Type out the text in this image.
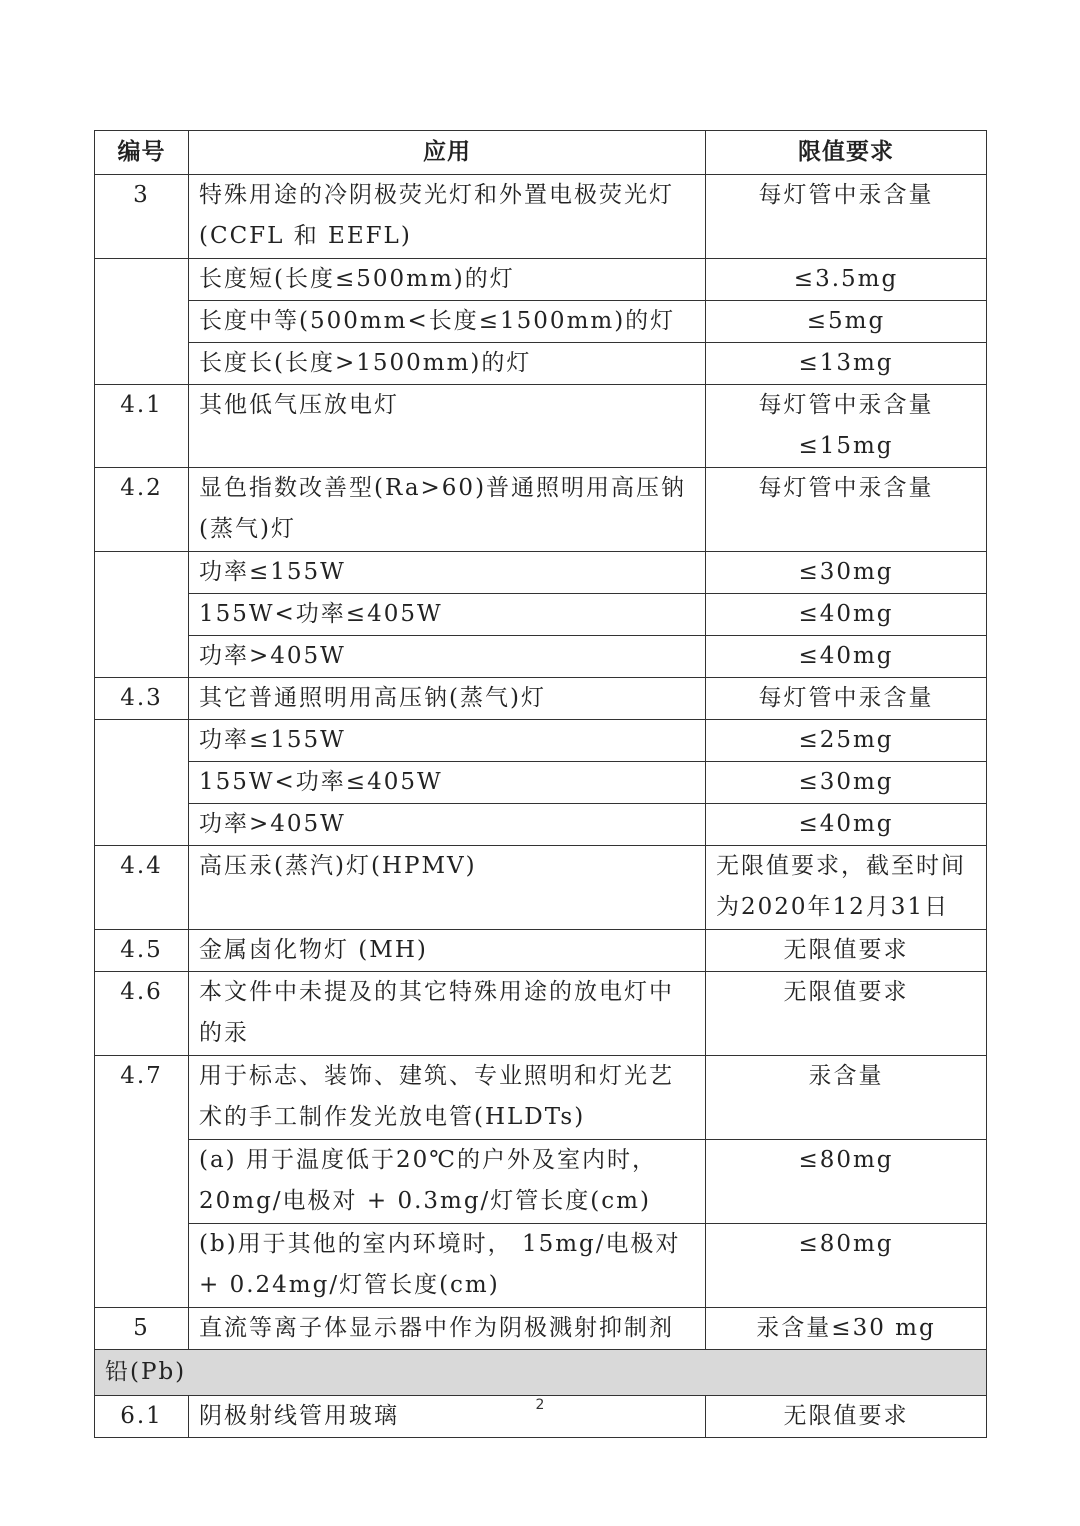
编号	应用	限值要求
3	特殊用途的冷阴极荧光灯和外置电极荧光灯(CCFL 和 EEFL)	每灯管中汞含量
	长度短(长度≤500mm)的灯	≤3.5mg
	长度中等(500mm<长度≤1500mm)的灯	≤5mg
	长度长(长度>1500mm)的灯	≤13mg
4.1	其他低气压放电灯	每灯管中汞含量≤15mg
4.2	显色指数改善型(Ra>60)普通照明用高压钠(蒸气)灯	每灯管中汞含量
	功率≤155W	≤30mg
	155W<功率≤405W	≤40mg
	功率>405W	≤40mg
4.3	其它普通照明用高压钠(蒸气)灯	每灯管中汞含量
	功率≤155W	≤25mg
	155W<功率≤405W	≤30mg
	功率>405W	≤40mg
4.4	高压汞(蒸汽)灯(HPMV)	无限值要求，截至时间为2020年12月31日
4.5	金属卤化物灯 (MH)	无限值要求
4.6	本文件中未提及的其它特殊用途的放电灯中的汞	无限值要求
4.7	用于标志、装饰、建筑、专业照明和灯光艺术的手工制作发光放电管(HLDTs)	汞含量
	(a) 用于温度低于20℃的户外及室内时，20mg/电极对 + 0.3mg/灯管长度(cm)	≤80mg
	(b)用于其他的室内环境时， 15mg/电极对 + 0.24mg/灯管长度(cm)	≤80mg
5	直流等离子体显示器中作为阴极溅射抑制剂	汞含量≤30 mg
铅(Pb)		
6.1	阴极射线管用玻璃	无限值要求
2
